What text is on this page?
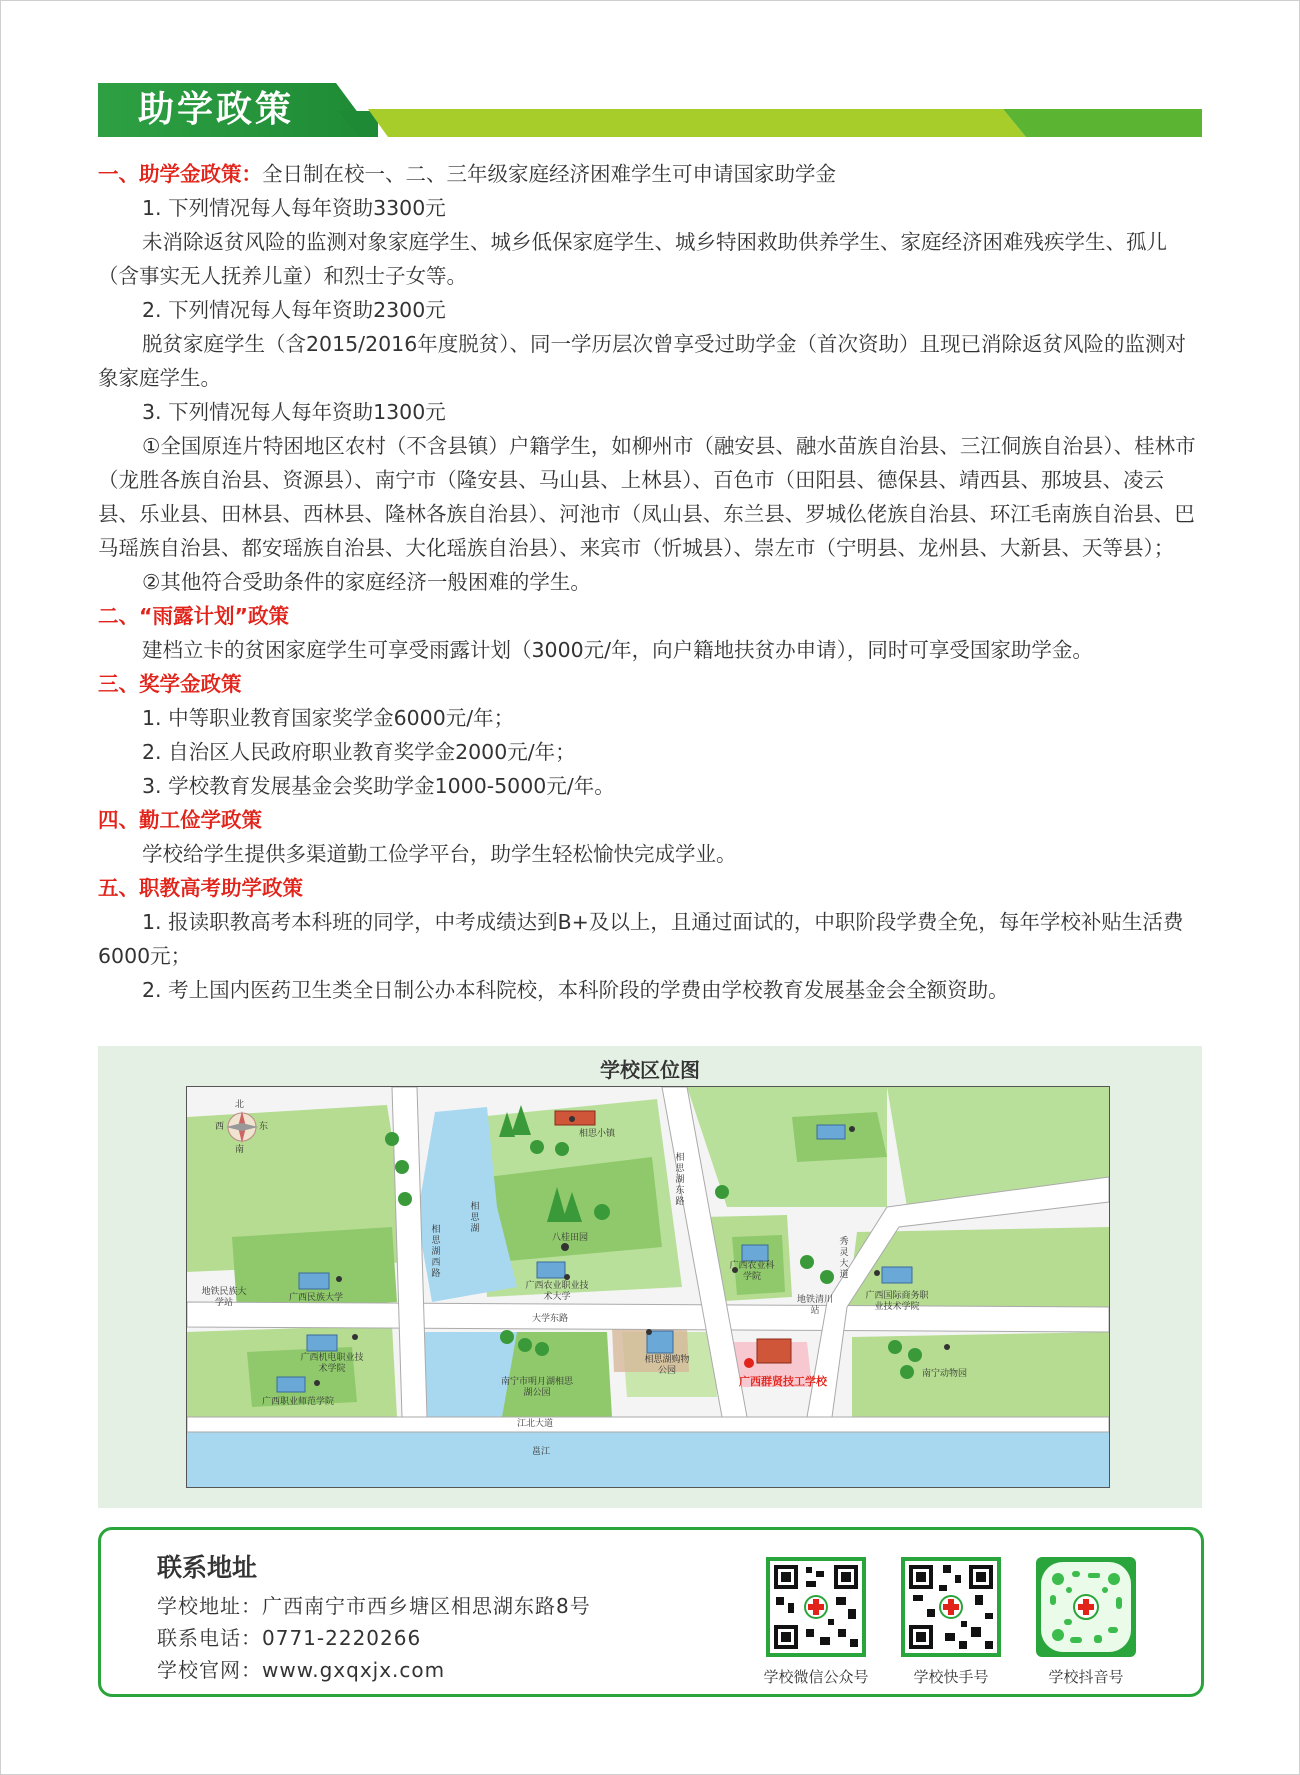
助学政策

一、助学金政策：全日制在校一、二、三年级家庭经济困难学生可申请国家助学金

1. 下列情况每人每年资助3300元

未消除返贫风险的监测对象家庭学生、城乡低保家庭学生、城乡特困救助供养学生、家庭经济困难残疾学生、孤儿（含事实无人抚养儿童）和烈士子女等。

2. 下列情况每人每年资助2300元

脱贫家庭学生（含2015/2016年度脱贫）、同一学历层次曾享受过助学金（首次资助）且现已消除返贫风险的监测对象家庭学生。

3. 下列情况每人每年资助1300元

①全国原连片特困地区农村（不含县镇）户籍学生，如柳州市（融安县、融水苗族自治县、三江侗族自治县）、桂林市（龙胜各族自治县、资源县）、南宁市（隆安县、马山县、上林县）、百色市（田阳县、德保县、靖西县、那坡县、凌云县、乐业县、田林县、西林县、隆林各族自治县）、河池市（凤山县、东兰县、罗城仫佬族自治县、环江毛南族自治县、巴马瑶族自治县、都安瑶族自治县、大化瑶族自治县）、来宾市（忻城县）、崇左市（宁明县、龙州县、大新县、天等县）；

②其他符合受助条件的家庭经济一般困难的学生。

二、“雨露计划”政策

建档立卡的贫困家庭学生可享受雨露计划（3000元/年，向户籍地扶贫办申请），同时可享受国家助学金。

三、奖学金政策

1. 中等职业教育国家奖学金6000元/年；

2. 自治区人民政府职业教育奖学金2000元/年；

3. 学校教育发展基金会奖助学金1000-5000元/年。

四、勤工俭学政策

学校给学生提供多渠道勤工俭学平台，助学生轻松愉快完成学业。

五、职教高考助学政策

1. 报读职教高考本科班的同学，中考成绩达到B+及以上，且通过面试的，中职阶段学费全免，每年学校补贴生活费6000元；

2. 考上国内医药卫生类全日制公办本科院校，本科阶段的学费由学校教育发展基金会全额资助。

学校区位图
北
南
西	东
相思小镇
相思湖
相思湖西路
相思湖东路
八桂田园
广西农业职业技术大学
广西民族大学
地铁民族大学站
大学东路
广西农业科学院
地铁清川站
秀灵大道
广西国际商务职业技术学院
广西机电职业技术学院
广西职业师范学院
南宁市明月湖相思湖公园
相思湖购物公园
广西群贤技工学校
南宁动物园
江北大道
邕江
联系地址
学校地址：广西南宁市西乡塘区相思湖东路8号
联系电话：0771-2220266
学校官网：www.gxqxjx.com	学校微信公众号	学校快手号	学校抖音号
